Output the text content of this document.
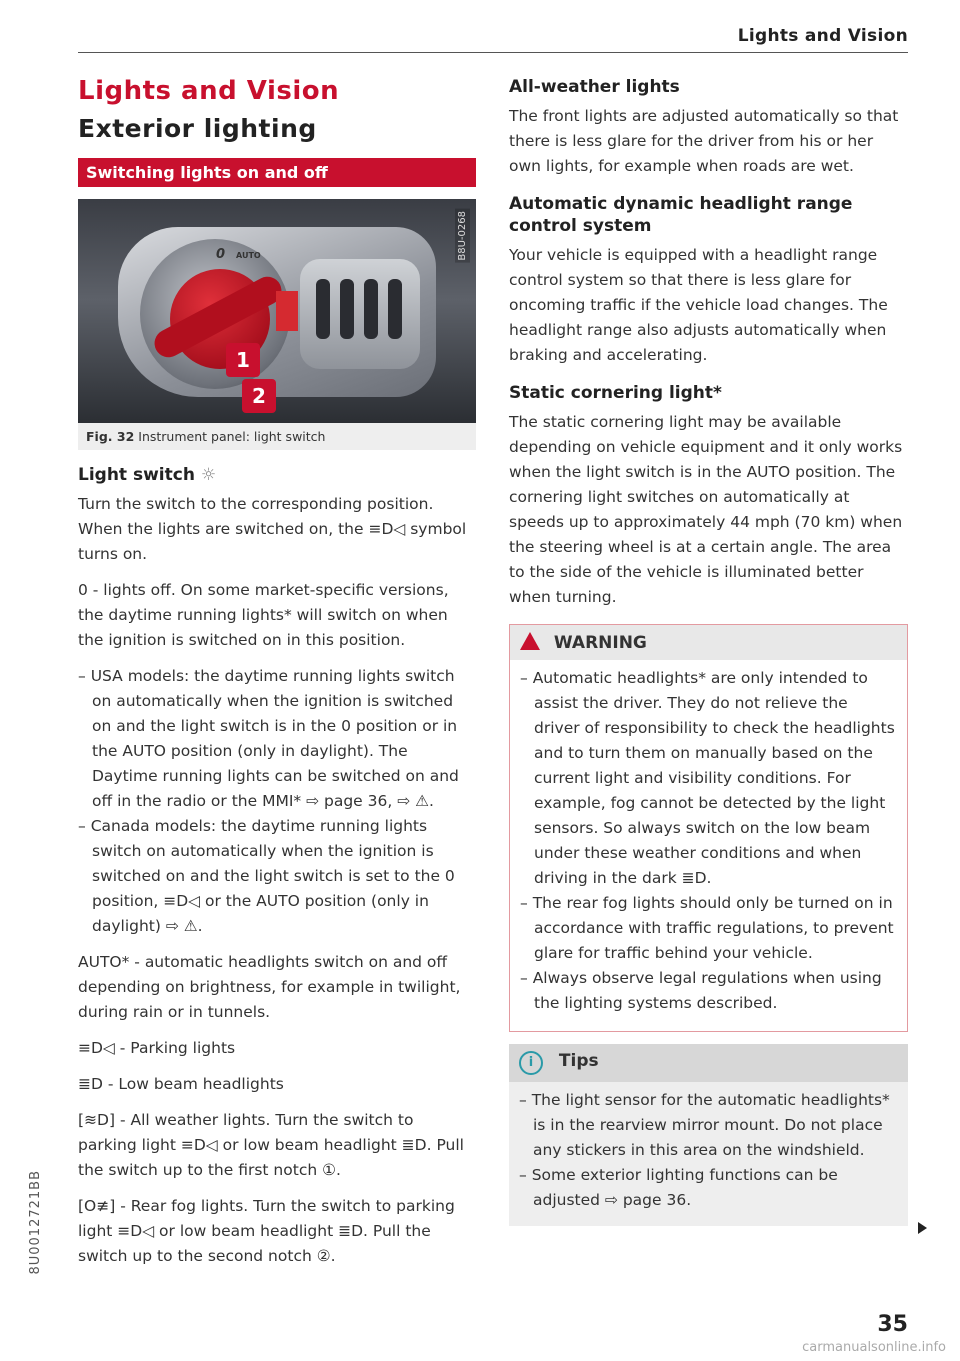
Lights and Vision
Lights and Vision
Exterior lighting
Switching lights on and off
0 AUTO
1
2
B8U-0268
Fig. 32 Instrument panel: light switch
Light switch ☼

Turn the switch to the corresponding position. When the lights are switched on, the ≡D◁ symbol turns on.

0 - lights off. On some market-specific versions, the daytime running lights* will switch on when the ignition is switched on in this position.

– USA models: the daytime running lights switch on automatically when the ignition is switched on and the light switch is in the 0 position or in the AUTO position (only in daylight). The Daytime running lights can be switched on and off in the radio or the MMI* ⇨ page 36, ⇨ ⚠.
– Canada models: the daytime running lights switch on automatically when the ignition is switched on and the light switch is set to the 0 position, ≡D◁ or the AUTO position (only in daylight) ⇨ ⚠.

AUTO* - automatic headlights switch on and off depending on brightness, for example in twilight, during rain or in tunnels.

≡D◁ - Parking lights

≣D - Low beam headlights

[≋D] - All weather lights. Turn the switch to parking light ≡D◁ or low beam headlight ≣D. Pull the switch up to the first notch ①.

[O≢] - Rear fog lights. Turn the switch to parking light ≡D◁ or low beam headlight ≣D. Pull the switch up to the second notch ②.

All-weather lights

The front lights are adjusted automatically so that there is less glare for the driver from his or her own lights, for example when roads are wet.

Automatic dynamic headlight range control system

Your vehicle is equipped with a headlight range control system so that there is less glare for oncoming traffic if the vehicle load changes. The headlight range also adjusts automatically when braking and accelerating.

Static cornering light*

The static cornering light may be available depending on vehicle equipment and it only works when the light switch is in the AUTO position. The cornering light switches on automatically at speeds up to approximately 44 mph (70 km) when the steering wheel is at a certain angle. The area to the side of the vehicle is illuminated better when turning.

WARNING
– Automatic headlights* are only intended to assist the driver. They do not relieve the driver of responsibility to check the headlights and to turn them on manually based on the current light and visibility conditions. For example, fog cannot be detected by the light sensors. So always switch on the low beam under these weather conditions and when driving in the dark ≣D.
– The rear fog lights should only be turned on in accordance with traffic regulations, to prevent glare for traffic behind your vehicle.
– Always observe legal regulations when using the lighting systems described.
i Tips
– The light sensor for the automatic headlights* is in the rearview mirror mount. Do not place any stickers in this area on the windshield.
– Some exterior lighting functions can be adjusted ⇨ page 36.
35
8U0012721BB
carmanualsonline.info
